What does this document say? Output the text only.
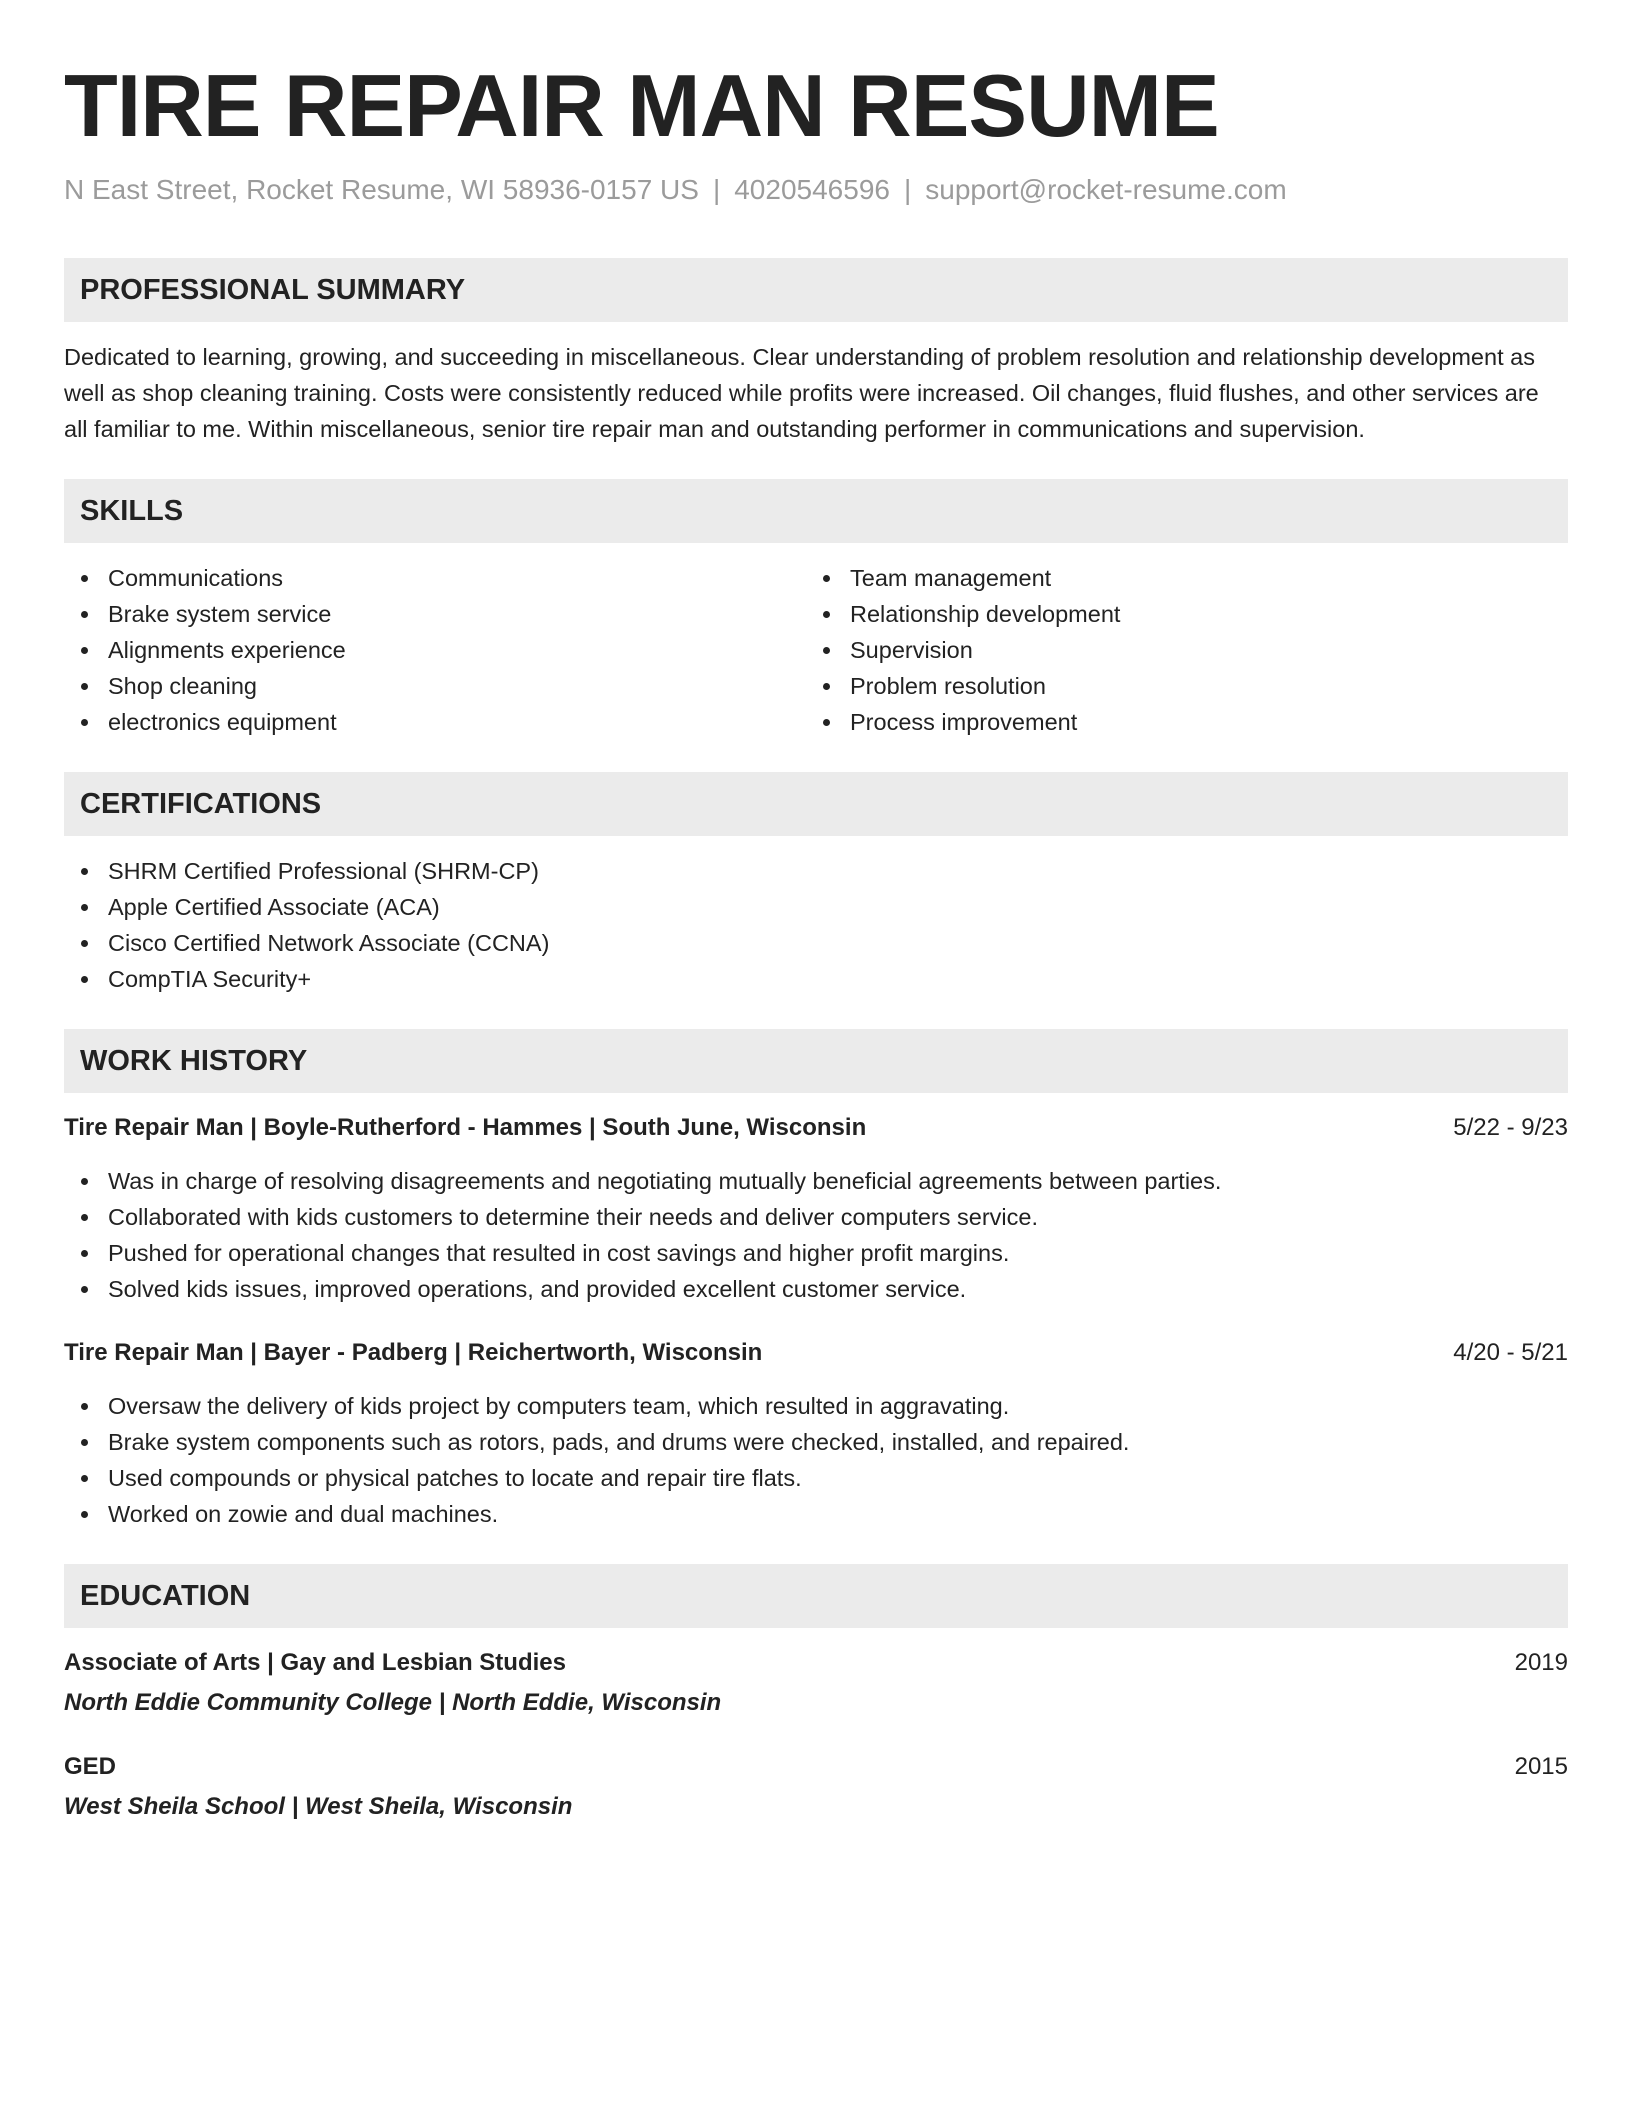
TIRE REPAIR MAN RESUME
N East Street, Rocket Resume, WI 58936-0157 US | 4020546596 | support@rocket-resume.com
PROFESSIONAL SUMMARY

Dedicated to learning, growing, and succeeding in miscellaneous. Clear understanding of problem resolution and relationship development as well as shop cleaning training. Costs were consistently reduced while profits were increased. Oil changes, fluid flushes, and other services are all familiar to me. Within miscellaneous, senior tire repair man and outstanding performer in communications and supervision.

SKILLS
Communications
Brake system service
Alignments experience
Shop cleaning
electronics equipment
Team management
Relationship development
Supervision
Problem resolution
Process improvement
CERTIFICATIONS
SHRM Certified Professional (SHRM-CP)
Apple Certified Associate (ACA)
Cisco Certified Network Associate (CCNA)
CompTIA Security+
WORK HISTORY
Tire Repair Man | Boyle-Rutherford - Hammes | South June, Wisconsin	5/22 - 9/23
Was in charge of resolving disagreements and negotiating mutually beneficial agreements between parties.
Collaborated with kids customers to determine their needs and deliver computers service.
Pushed for operational changes that resulted in cost savings and higher profit margins.
Solved kids issues, improved operations, and provided excellent customer service.
Tire Repair Man | Bayer - Padberg | Reichertworth, Wisconsin	4/20 - 5/21
Oversaw the delivery of kids project by computers team, which resulted in aggravating.
Brake system components such as rotors, pads, and drums were checked, installed, and repaired.
Used compounds or physical patches to locate and repair tire flats.
Worked on zowie and dual machines.
EDUCATION
Associate of Arts | Gay and Lesbian Studies	2019
North Eddie Community College | North Eddie, Wisconsin
GED	2015
West Sheila School | West Sheila, Wisconsin
